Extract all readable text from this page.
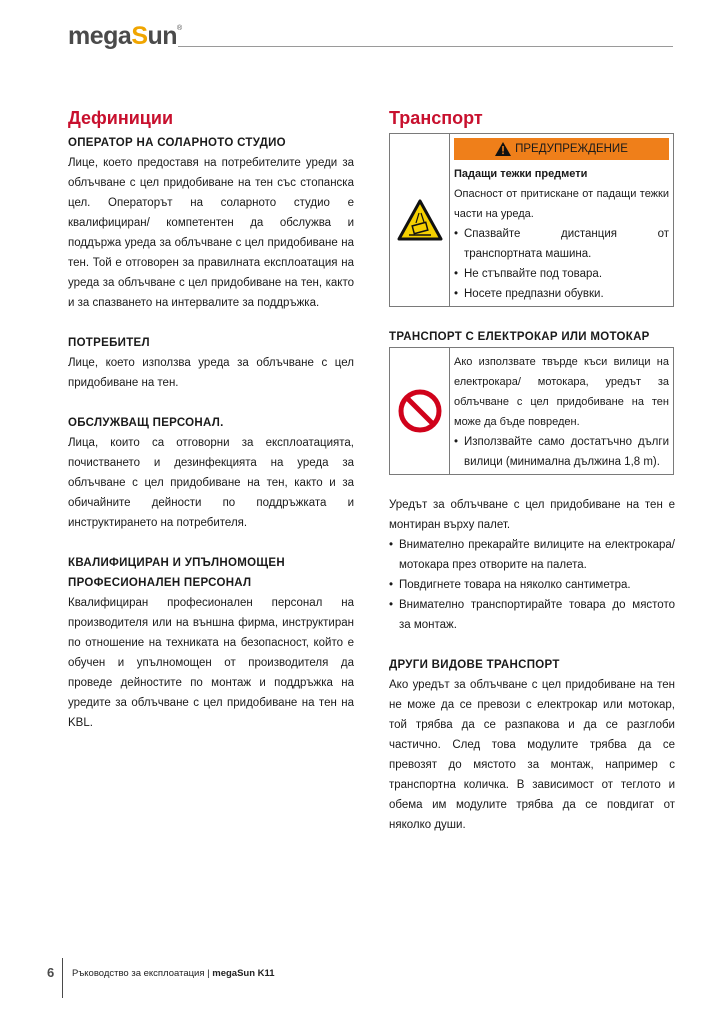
megaSun®
Дефиниции
ОПЕРАТОР НА СОЛАРНОТО СТУДИО

Лице, което предоставя на потребителите уреди за облъчване с цел придобиване на тен със стопанска цел. Операторът на соларното студио е квалифициран/ компетентен да обслужва и поддържа уреда за облъчване с цел придобиване на тен. Той е отговорен за правилната експлоатация на уреда за облъчване с цел придобиване на тен, както и за спазването на интервалите за поддръжка.

ПОТРЕБИТЕЛ

Лице, което използва уреда за облъчване с цел придобиване на тен.

ОБСЛУЖВАЩ ПЕРСОНАЛ.

Лица, които са отговорни за експлоатацията, почистването и дезинфекцията на уреда за облъчване с цел придобиване на тен, както и за обичайните дейности по поддръжката и инструктирането на потребителя.

КВАЛИФИЦИРАН И УПЪЛНОМОЩЕН
ПРОФЕСИОНАЛЕН ПЕРСОНАЛ

Квалифициран професионален персонал на производителя или на външна фирма, инструктиран по отношение на техниката на безопасност, който е обучен и упълномощен от производителя да проведе дейностите по монтаж и поддръжка на уредите за облъчване с цел придобиване на тен на KBL.

Транспорт
ПРЕДУПРЕЖДЕНИЕ

Падащи тежки предмети

Опасност от притискане от падащи тежки части на уреда.

• Спазвайте дистанция от транспортната машина.
• Не стъпвайте под товара.
• Носете предпазни обувки.
ТРАНСПОРТ С ЕЛЕКТРОКАР ИЛИ МОТОКАР

Ако използвате твърде къси вилици на електрокара/ мотокара, уредът за облъчване с цел придобиване на тен може да бъде повреден.

• Използвайте само достатъчно дълги вилици (минимална дължина 1,8 m).

Уредът за облъчване с цел придобиване на тен е монтиран върху палет.

• Внимателно прекарайте вилиците на електрокара/ мотокара през отворите на палета.
• Повдигнете товара на няколко сантиметра.
• Внимателно транспортирайте товара до мястото за монтаж.
ДРУГИ ВИДОВЕ ТРАНСПОРТ

Ако уредът за облъчване с цел придобиване на тен не може да се превози с електрокар или мотокар, той трябва да се разпакова и да се разглоби частично. След това модулите трябва да се превозят до мястото за монтаж, например с транспортна количка. В зависимост от теглото и обема им модулите трябва да се повдигат от няколко души.

6 Ръководство за експлоатация | megaSun K11
